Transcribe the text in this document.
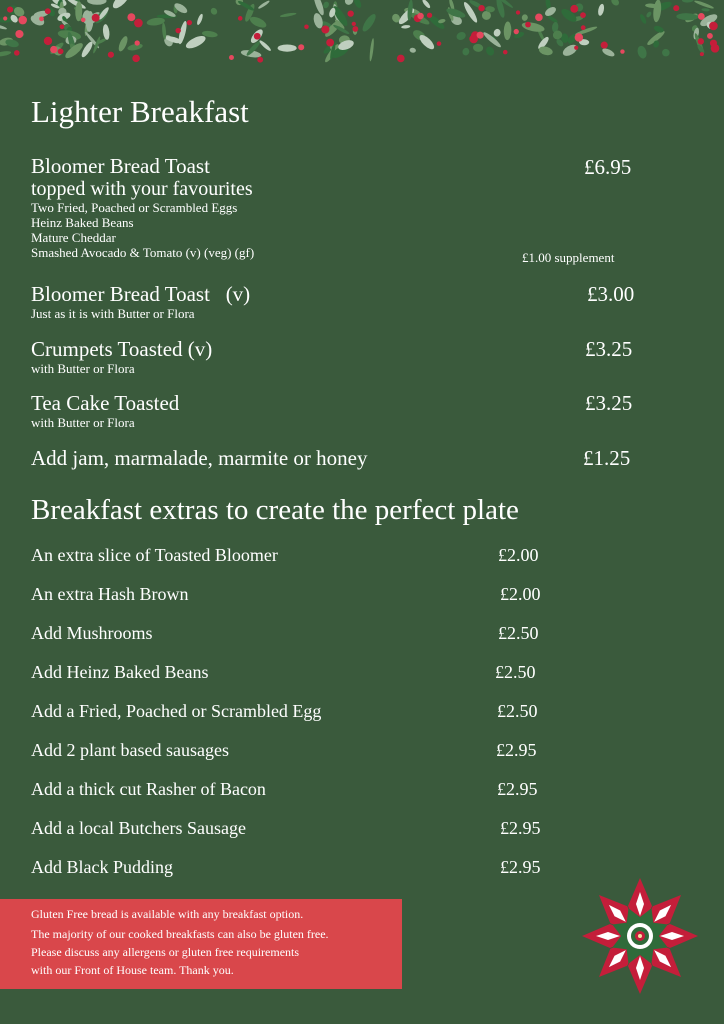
Lighter Breakfast
Bloomer Bread Toast
topped with your favourites
Two Fried, Poached or Scrambled Eggs
Heinz Baked Beans
Mature Cheddar
Smashed Avocado & Tomato (v) (veg) (gf)
£6.95
£1.00 supplement
Bloomer Bread Toast   (v)
Just as it is with Butter or Flora
£3.00
Crumpets Toasted (v)
with Butter or Flora
£3.25
Tea Cake Toasted
with Butter or Flora
£3.25
Add jam, marmalade, marmite or honey	£1.25
Breakfast extras to create the perfect plate
An extra slice of Toasted Bloomer	£2.00
An extra Hash Brown	£2.00
Add Mushrooms	£2.50
Add Heinz Baked Beans	£2.50
Add a Fried, Poached or Scrambled Egg	£2.50
Add 2 plant based sausages	£2.95
Add a thick cut Rasher of Bacon	£2.95
Add a local Butchers Sausage	£2.95
Add Black Pudding	£2.95
Gluten Free bread is available with any breakfast option.
The majority of our cooked breakfasts can also be gluten free.
Please discuss any allergens or gluten free requirements
with our Front of House team. Thank you.
